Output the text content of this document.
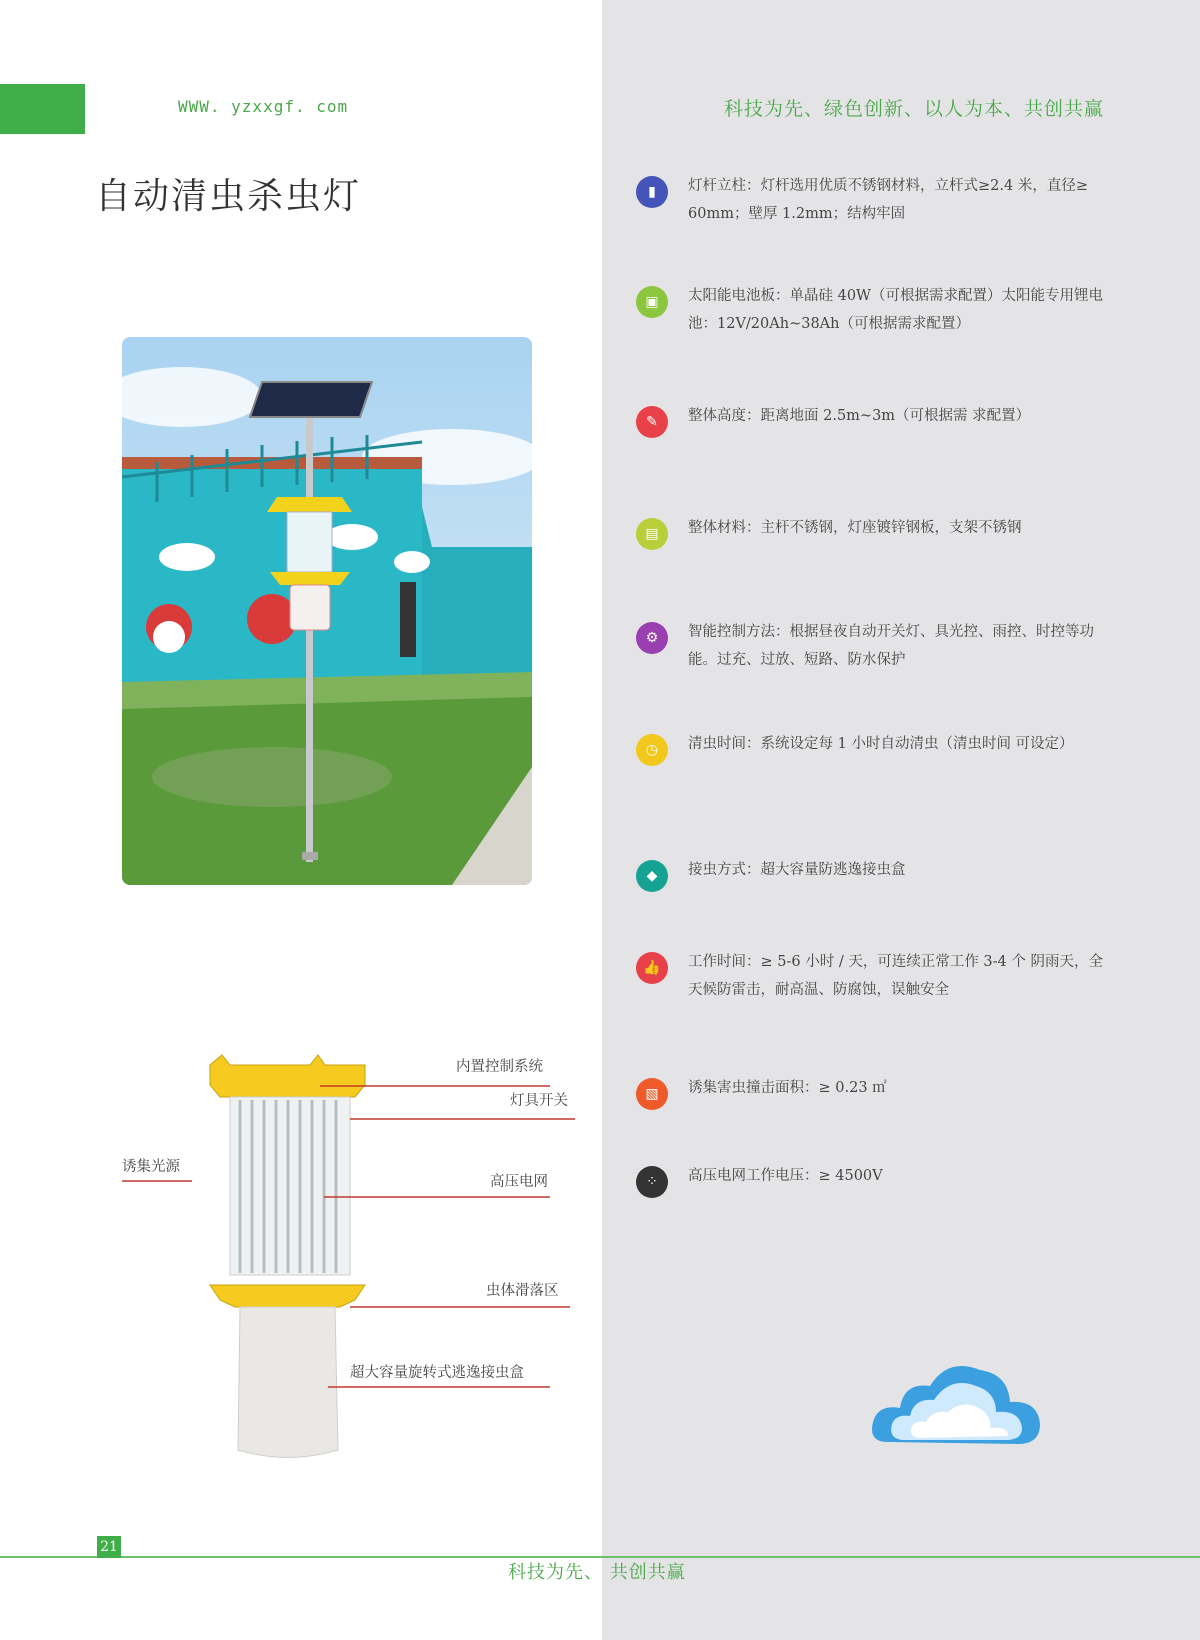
WWW. yzxxgf. com	科技为先、绿色创新、以人为本、共创共赢
自动清虫杀虫灯	▮	灯杆立柱：灯杆选用优质不锈钢材料，立杆式≥2.4 米，直径≥ 60mm；壁厚 1.2mm；结构牢固
▣	太阳能电池板：单晶硅 40W（可根据需求配置）太阳能专用锂电池：12V/20Ah~38Ah（可根据需求配置）
✎	整体高度：距离地面 2.5m~3m（可根据需 求配置）
▤	整体材料：主杆不锈钢，灯座镀锌钢板，支架不锈钢
⚙	智能控制方法：根据昼夜自动开关灯、具光控、雨控、时控等功能。过充、过放、短路、防水保护
◷	清虫时间：系统设定每 1 小时自动清虫（清虫时间 可设定）
◆	接虫方式：超大容量防逃逸接虫盒
👍	工作时间：≥ 5-6 小时 / 天，可连续正常工作 3-4 个 阴雨天，全天候防雷击，耐高温、防腐蚀，误触安全
▧	诱集害虫撞击面积：≥ 0.23 ㎡
⁘	高压电网工作电压：≥ 4500V
内置控制系统
灯具开关
诱集光源
高压电网
虫体滑落区
超大容量旋转式逃逸接虫盒
21
科技为先、 共创共赢
